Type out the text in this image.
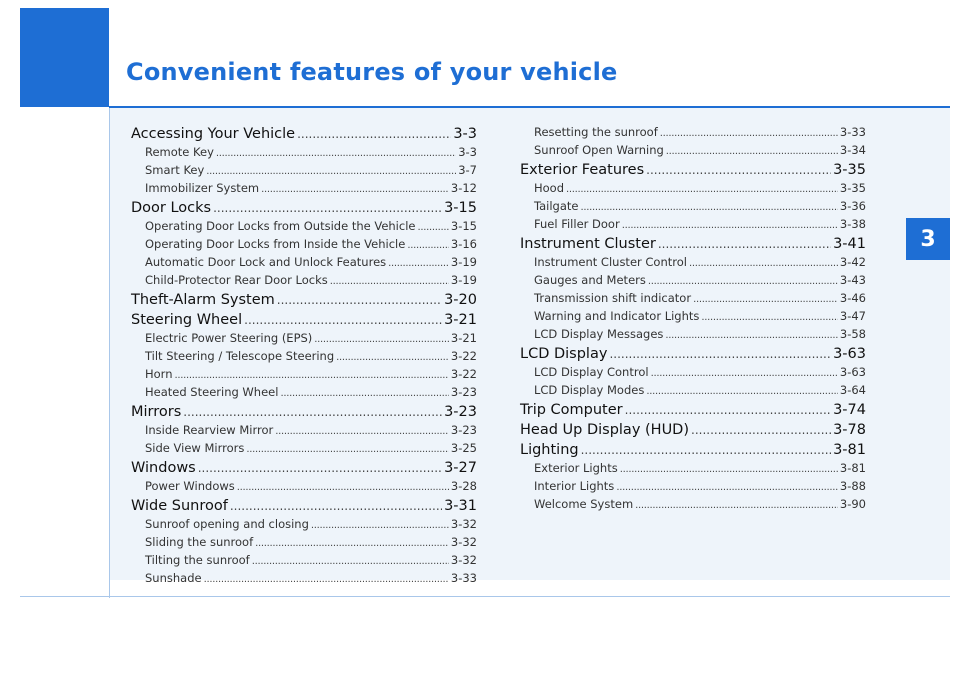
Convenient features of your vehicle
3
Accessing Your Vehicle .....	3-3
Remote Key .....	3-3
Smart Key .....	3-7
Immobilizer System .....	3-12
Door Locks .....	3-15
Operating Door Locks from Outside the Vehicle .....	3-15
Operating Door Locks from Inside the Vehicle .....	3-16
Automatic Door Lock and Unlock Features .....	3-19
Child-Protector Rear Door Locks .....	3-19
Theft-Alarm System .....	3-20
Steering Wheel .....	3-21
Electric Power Steering (EPS) .....	3-21
Tilt Steering / Telescope Steering .....	3-22
Horn .....	3-22
Heated Steering Wheel .....	3-23
Mirrors .....	3-23
Inside Rearview Mirror .....	3-23
Side View Mirrors .....	3-25
Windows .....	3-27
Power Windows .....	3-28
Wide Sunroof .....	3-31
Sunroof opening and closing .....	3-32
Sliding the sunroof .....	3-32
Tilting the sunroof .....	3-32
Sunshade .....	3-33
Resetting the sunroof .....	3-33
Sunroof Open Warning .....	3-34
Exterior Features .....	3-35
Hood .....	3-35
Tailgate .....	3-36
Fuel Filler Door .....	3-38
Instrument Cluster .....	3-41
Instrument Cluster Control .....	3-42
Gauges and Meters .....	3-43
Transmission shift indicator .....	3-46
Warning and Indicator Lights .....	3-47
LCD Display Messages .....	3-58
LCD Display .....	3-63
LCD Display Control .....	3-63
LCD Display Modes .....	3-64
Trip Computer .....	3-74
Head Up Display (HUD) .....	3-78
Lighting .....	3-81
Exterior Lights .....	3-81
Interior Lights .....	3-88
Welcome System .....	3-90
